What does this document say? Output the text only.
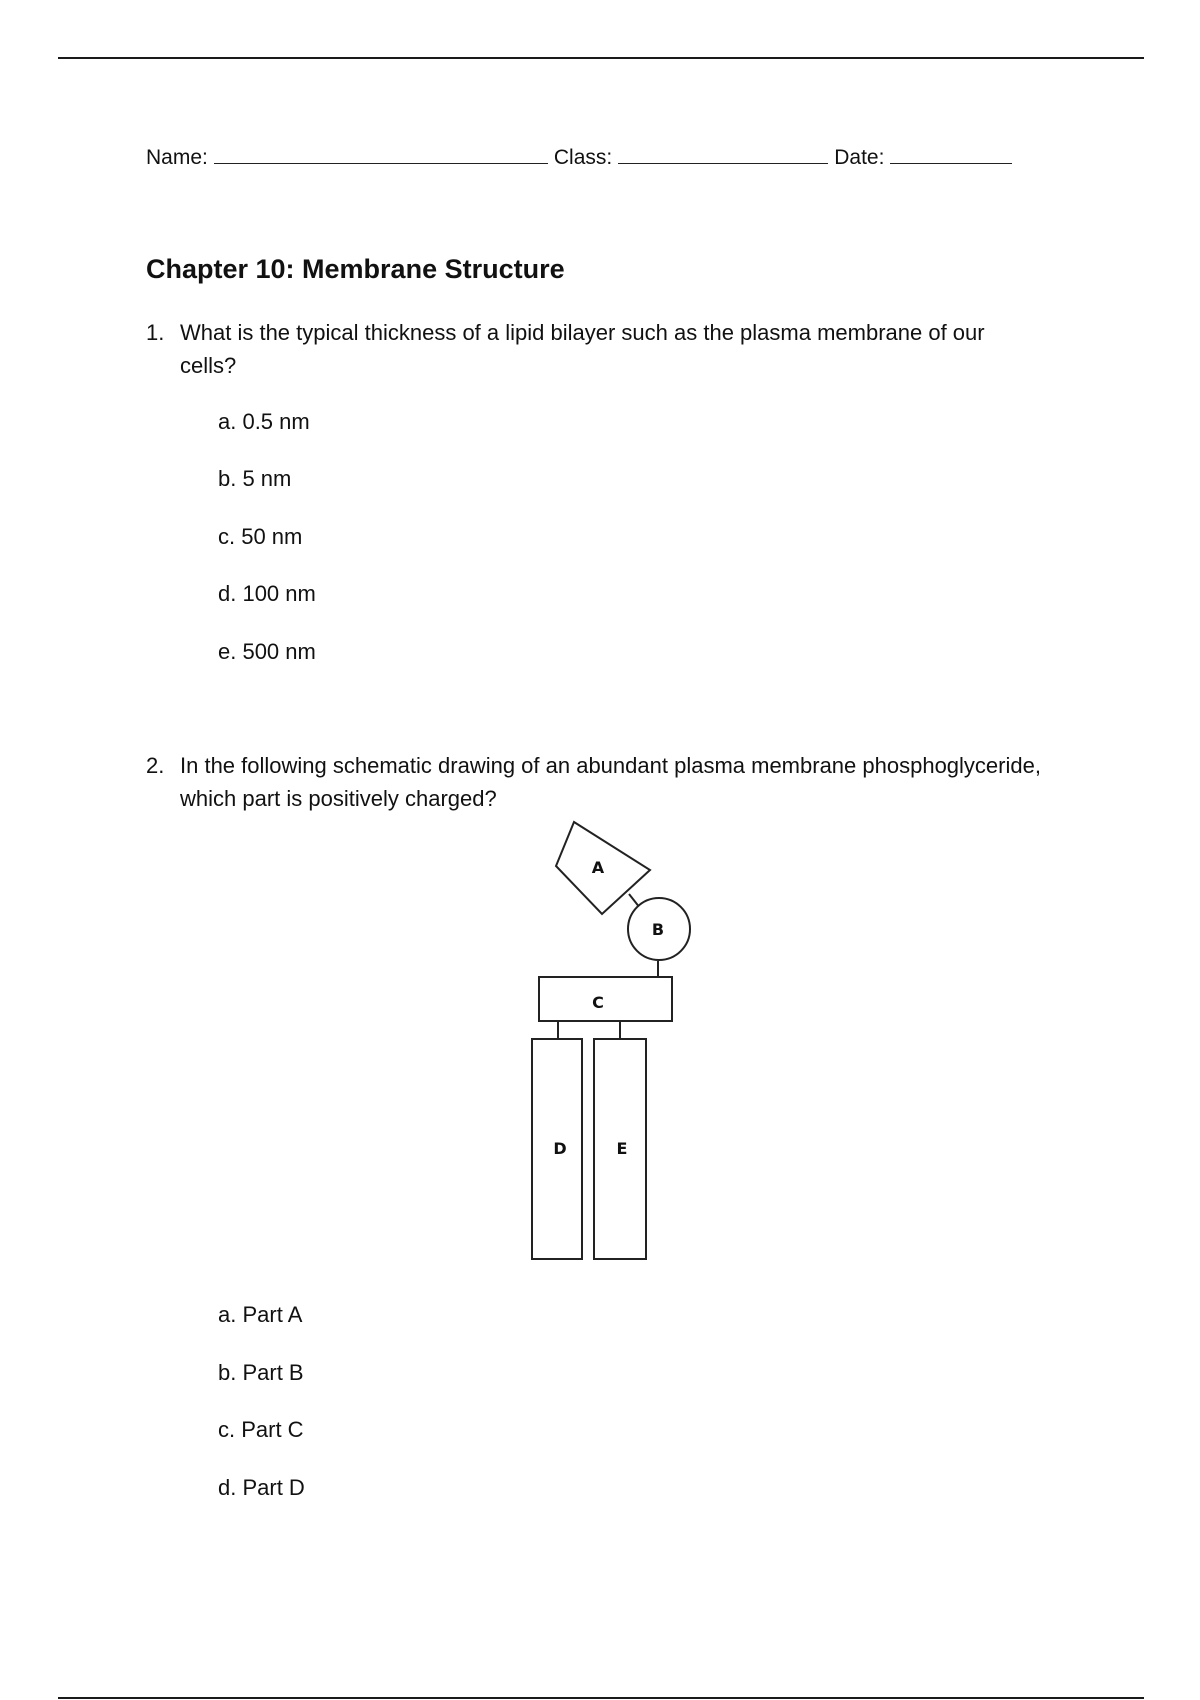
Name:	Class:	Date:
Chapter 10: Membrane Structure
1. What is the typical thickness of a lipid bilayer such as the plasma membrane of our cells?
a. 0.5 nm
b. 5 nm
c. 50 nm
d. 100 nm
e. 500 nm
2. In the following schematic drawing of an abundant plasma membrane phosphoglyceride, which part is positively charged?
A
B
C
D	E
a. Part A
b. Part B
c. Part C
d. Part D
